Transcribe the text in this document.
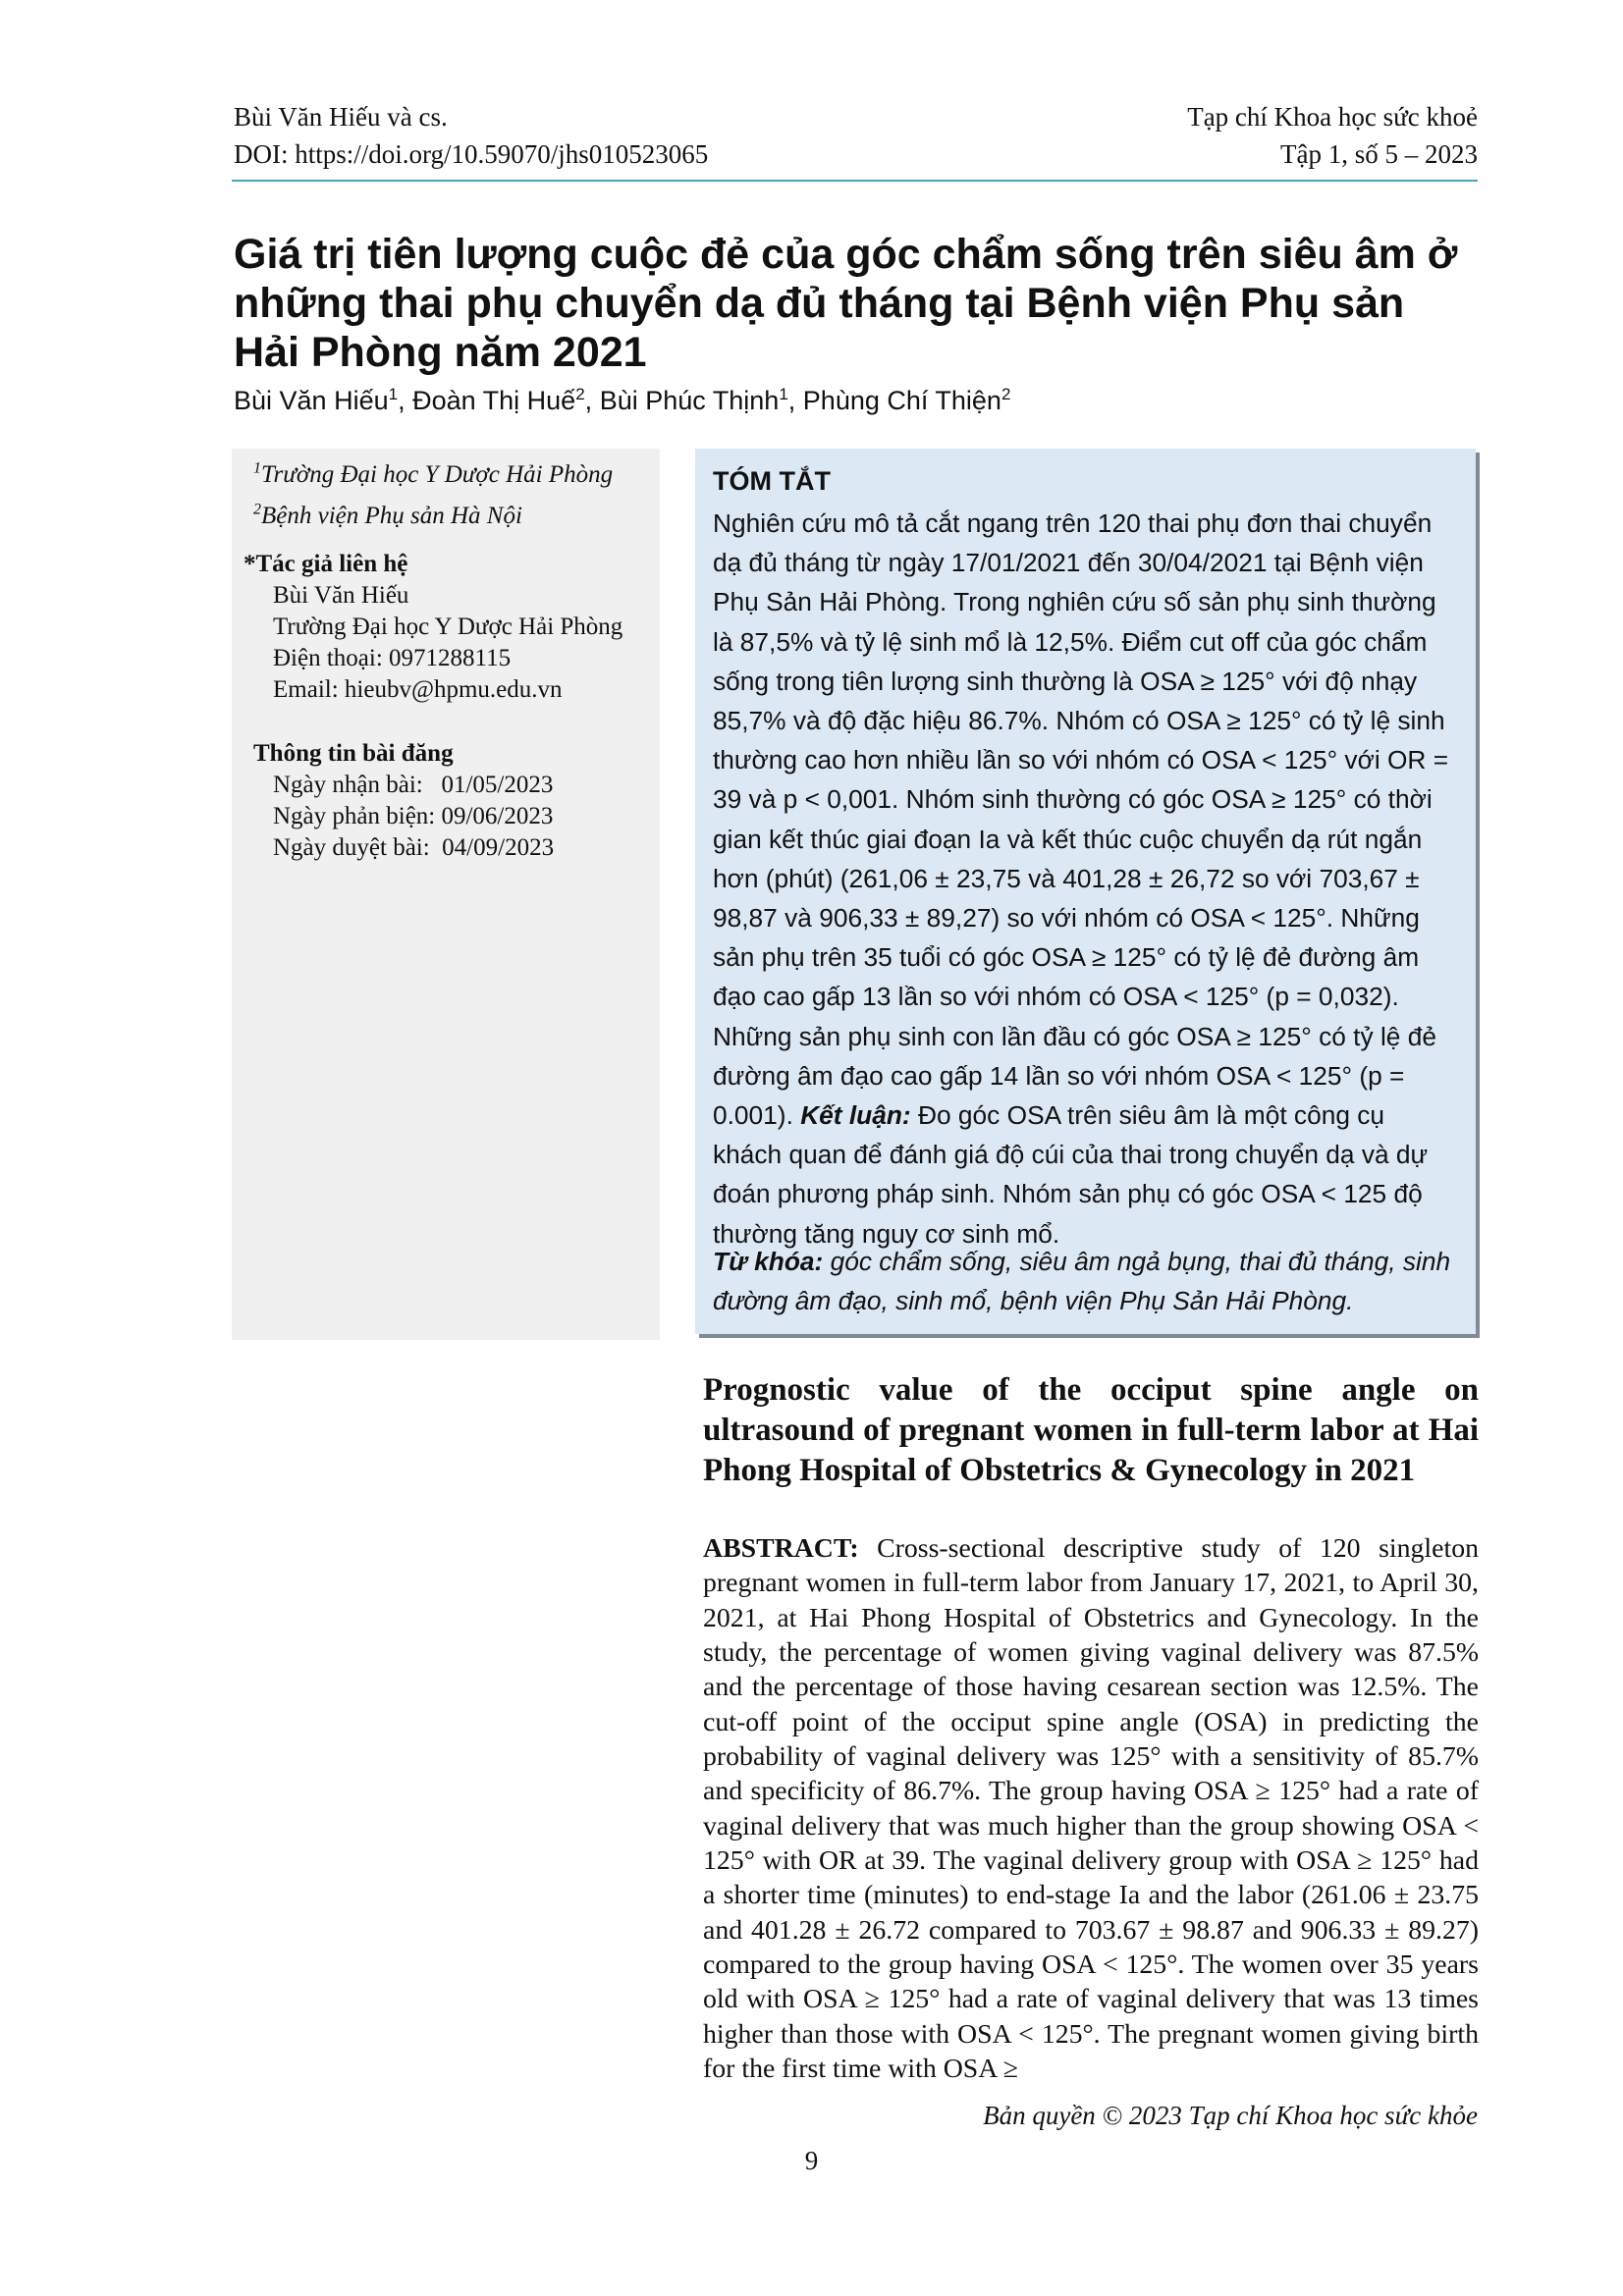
Bùi Văn Hiếu và cs.
DOI: https://doi.org/10.59070/jhs010523065
Tạp chí Khoa học sức khoẻ
Tập 1, số 5 – 2023
Giá trị tiên lượng cuộc đẻ của góc chẩm sống trên siêu âm ở những thai phụ chuyển dạ đủ tháng tại Bệnh viện Phụ sản Hải Phòng năm 2021
Bùi Văn Hiếu$^1$, Đoàn Thị Huế$^2$, Bùi Phúc Thịnh$^1$, Phùng Chí Thiện$^2$
$^1$Trường Đại học Y Dược Hải Phòng
$^2$Bệnh viện Phụ sản Hà Nội
*Tác giả liên hệ
Bùi Văn Hiếu
Trường Đại học Y Dược Hải Phòng
Điện thoại: 0971288115
Email: hieubv@hpmu.edu.vn
Thông tin bài đăng
Ngày nhận bài:   01/05/2023
Ngày phản biện: 09/06/2023
Ngày duyệt bài:  04/09/2023
TÓM TẮT
Nghiên cứu mô tả cắt ngang trên 120 thai phụ đơn thai chuyển dạ đủ tháng từ ngày 17/01/2021 đến 30/04/2021 tại Bệnh viện Phụ Sản Hải Phòng. Trong nghiên cứu số sản phụ sinh thường là 87,5% và tỷ lệ sinh mổ là 12,5%. Điểm cut off của góc chẩm sống trong tiên lượng sinh thường là OSA ≥ 125° với độ nhạy 85,7% và độ đặc hiệu 86.7%. Nhóm có OSA ≥ 125° có tỷ lệ sinh thường cao hơn nhiều lần so với nhóm có OSA < 125° với OR = 39 và p < 0,001. Nhóm sinh thường có góc OSA ≥ 125° có thời gian kết thúc giai đoạn Ia và kết thúc cuộc chuyển dạ rút ngắn hơn (phút) (261,06 ± 23,75 và 401,28 ± 26,72 so với 703,67 ± 98,87 và 906,33 ± 89,27) so với nhóm có OSA < 125°. Những sản phụ trên 35 tuổi có góc OSA ≥ 125° có tỷ lệ đẻ đường âm đạo cao gấp 13 lần so với nhóm có OSA < 125° (p = 0,032). Những sản phụ sinh con lần đầu có góc OSA ≥ 125° có tỷ lệ đẻ đường âm đạo cao gấp 14 lần so với nhóm OSA < 125° (p = 0.001). Kết luận: Đo góc OSA trên siêu âm là một công cụ khách quan để đánh giá độ cúi của thai trong chuyển dạ và dự đoán phương pháp sinh. Nhóm sản phụ có góc OSA < 125 độ thường tăng nguy cơ sinh mổ.
Từ khóa: góc chẩm sống, siêu âm ngả bụng, thai đủ tháng, sinh đường âm đạo, sinh mổ, bệnh viện Phụ Sản Hải Phòng.
Prognostic value of the occiput spine angle on ultrasound of pregnant women in full-term labor at Hai Phong Hospital of Obstetrics & Gynecology in 2021

ABSTRACT: Cross-sectional descriptive study of 120 singleton pregnant women in full-term labor from January 17, 2021, to April 30, 2021, at Hai Phong Hospital of Obstetrics and Gynecology. In the study, the percentage of women giving vaginal delivery was 87.5% and the percentage of those having cesarean section was 12.5%. The cut-off point of the occiput spine angle (OSA) in predicting the probability of vaginal delivery was 125° with a sensitivity of 85.7% and specificity of 86.7%. The group having OSA ≥ 125° had a rate of vaginal delivery that was much higher than the group showing OSA < 125° with OR at 39. The vaginal delivery group with OSA ≥ 125° had a shorter time (minutes) to end-stage Ia and the labor (261.06 ± 23.75 and 401.28 ± 26.72 compared to 703.67 ± 98.87 and 906.33 ± 89.27) compared to the group having OSA < 125°. The women over 35 years old with OSA ≥ 125° had a rate of vaginal delivery that was 13 times higher than those with OSA < 125°. The pregnant women giving birth for the first time with OSA ≥

Bản quyền © 2023 Tạp chí Khoa học sức khỏe
9
